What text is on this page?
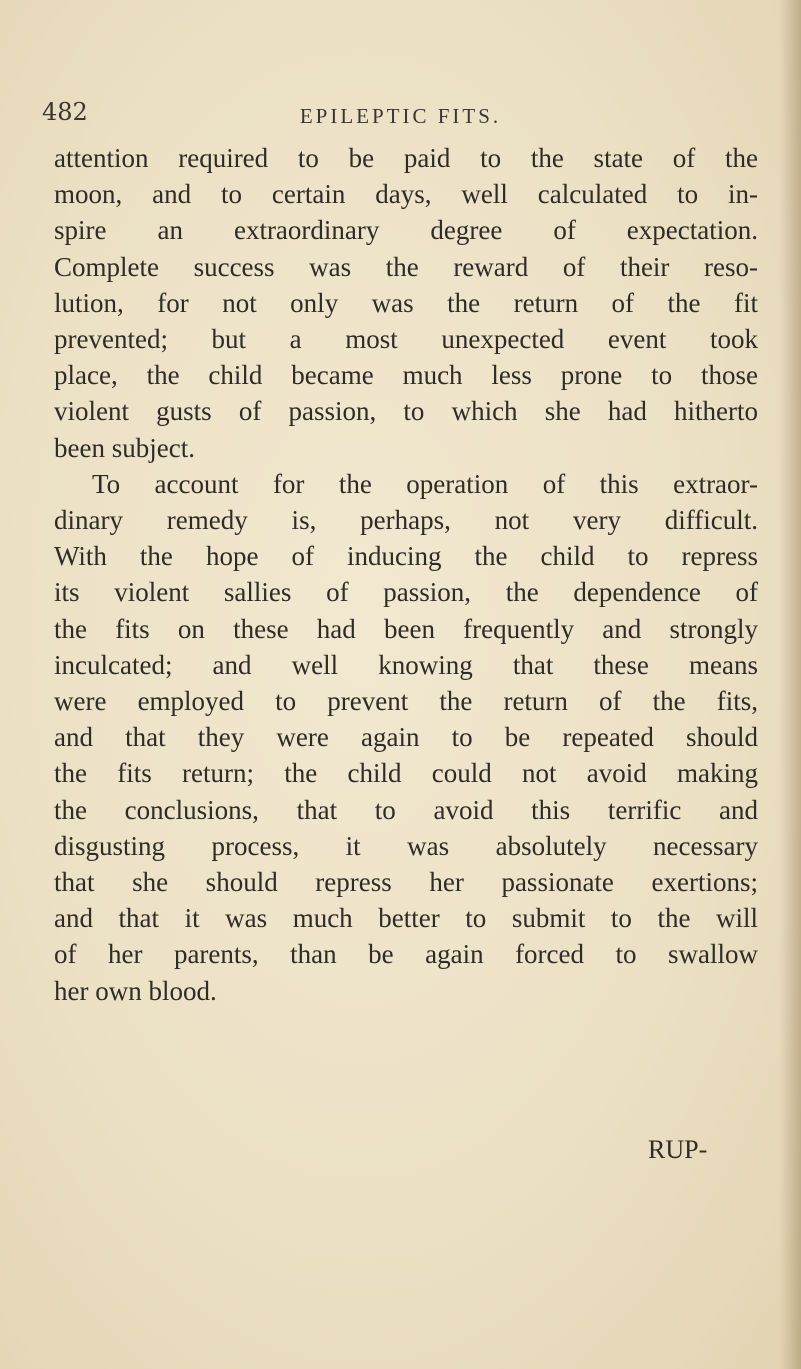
482	EPILEPTIC FITS.

attention required to be paid to the state of the
moon, and to certain days, well calculated to in-
spire an extraordinary degree of expectation.
Complete success was the reward of their reso-
lution, for not only was the return of the fit
prevented; but a most unexpected event took
place, the child became much less prone to those
violent gusts of passion, to which she had hitherto
been subject.

To account for the operation of this extraor-
dinary remedy is, perhaps, not very difficult.
With the hope of inducing the child to repress
its violent sallies of passion, the dependence of
the fits on these had been frequently and strongly
inculcated; and well knowing that these means
were employed to prevent the return of the fits,
and that they were again to be repeated should
the fits return; the child could not avoid making
the conclusions, that to avoid this terrific and
disgusting process, it was absolutely necessary
that she should repress her passionate exertions;
and that it was much better to submit to the will
of her parents, than be again forced to swallow
her own blood.

RUP-
